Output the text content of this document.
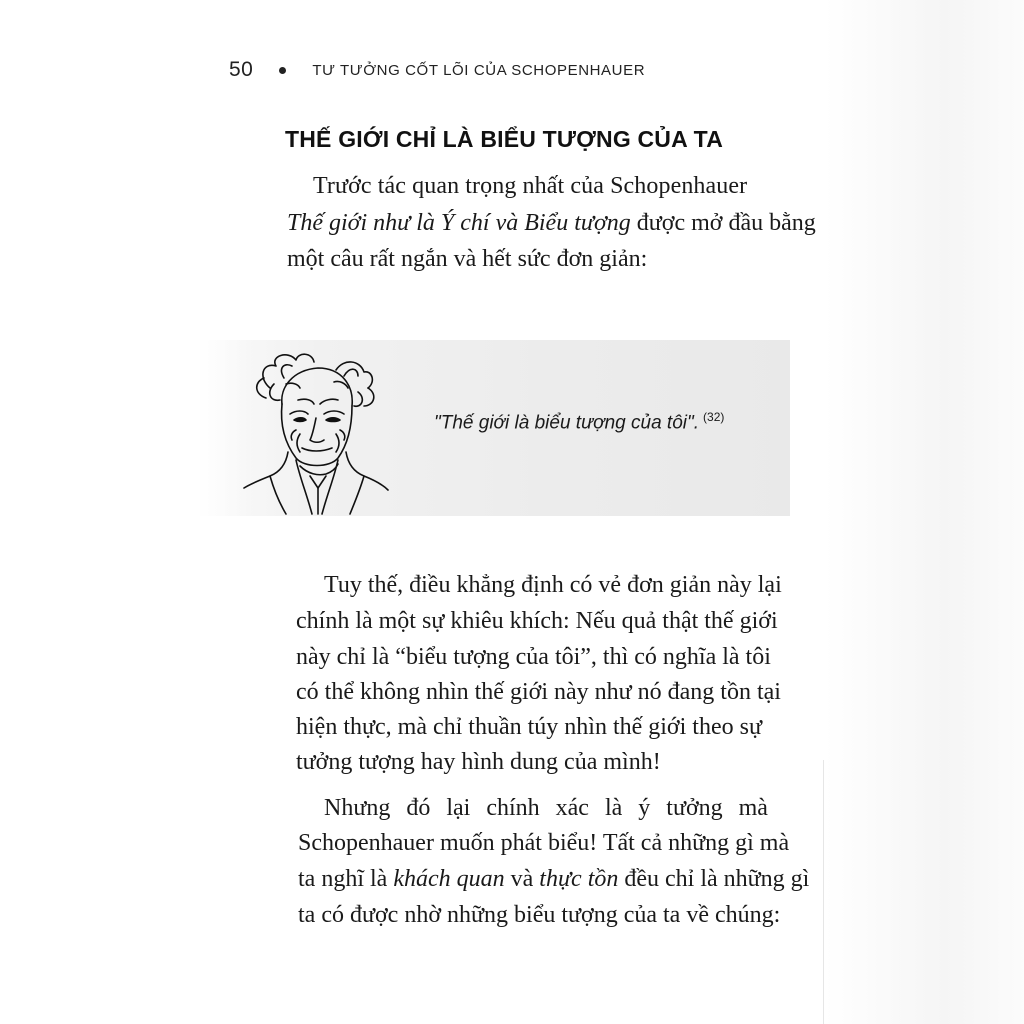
50	TƯ TƯỞNG CỐT LÕI CỦA SCHOPENHAUER
THẾ GIỚI CHỈ LÀ BIỂU TƯỢNG CỦA TA
Trước tác quan trọng nhất của Schopenhauer
Thế giới như là Ý chí và Biểu tượng được mở đầu bằng
một câu rất ngắn và hết sức đơn giản:
"Thế giới là biểu tượng của tôi". $^{(32)}$
Tuy thế, điều khẳng định có vẻ đơn giản này lại
chính là một sự khiêu khích: Nếu quả thật thế giới
này chỉ là “biểu tượng của tôi”, thì có nghĩa là tôi
có thể không nhìn thế giới này như nó đang tồn tại
hiện thực, mà chỉ thuần túy nhìn thế giới theo sự
tưởng tượng hay hình dung của mình!
Nhưng đó lại chính xác là ý tưởng mà
Schopenhauer muốn phát biểu! Tất cả những gì mà
ta nghĩ là khách quan và thực tồn đều chỉ là những gì
ta có được nhờ những biểu tượng của ta về chúng:
